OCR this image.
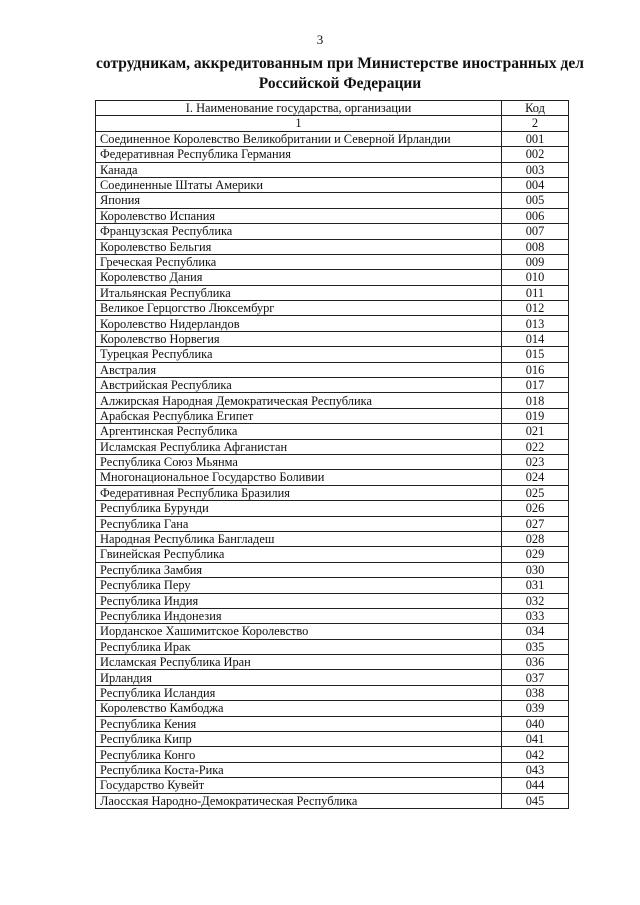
3
сотрудникам, аккредитованным при Министерстве иностранных дел
Российской Федерации
I. Наименование государства, организации	Код
1	2
Соединенное Королевство Великобритании и Северной Ирландии	001
Федеративная Республика Германия	002
Канада	003
Соединенные Штаты Америки	004
Япония	005
Королевство Испания	006
Французская Республика	007
Королевство Бельгия	008
Греческая Республика	009
Королевство Дания	010
Итальянская Республика	011
Великое Герцогство Люксембург	012
Королевство Нидерландов	013
Королевство Норвегия	014
Турецкая Республика	015
Австралия	016
Австрийская Республика	017
Алжирская Народная Демократическая Республика	018
Арабская Республика Египет	019
Аргентинская Республика	021
Исламская Республика Афганистан	022
Республика Союз Мьянма	023
Многонациональное Государство Боливии	024
Федеративная Республика Бразилия	025
Республика Бурунди	026
Республика Гана	027
Народная Республика Бангладеш	028
Гвинейская Республика	029
Республика Замбия	030
Республика Перу	031
Республика Индия	032
Республика Индонезия	033
Иорданское Хашимитское Королевство	034
Республика Ирак	035
Исламская Республика Иран	036
Ирландия	037
Республика Исландия	038
Королевство Камбоджа	039
Республика Кения	040
Республика Кипр	041
Республика Конго	042
Республика Коста-Рика	043
Государство Кувейт	044
Лаосская Народно-Демократическая Республика	045
